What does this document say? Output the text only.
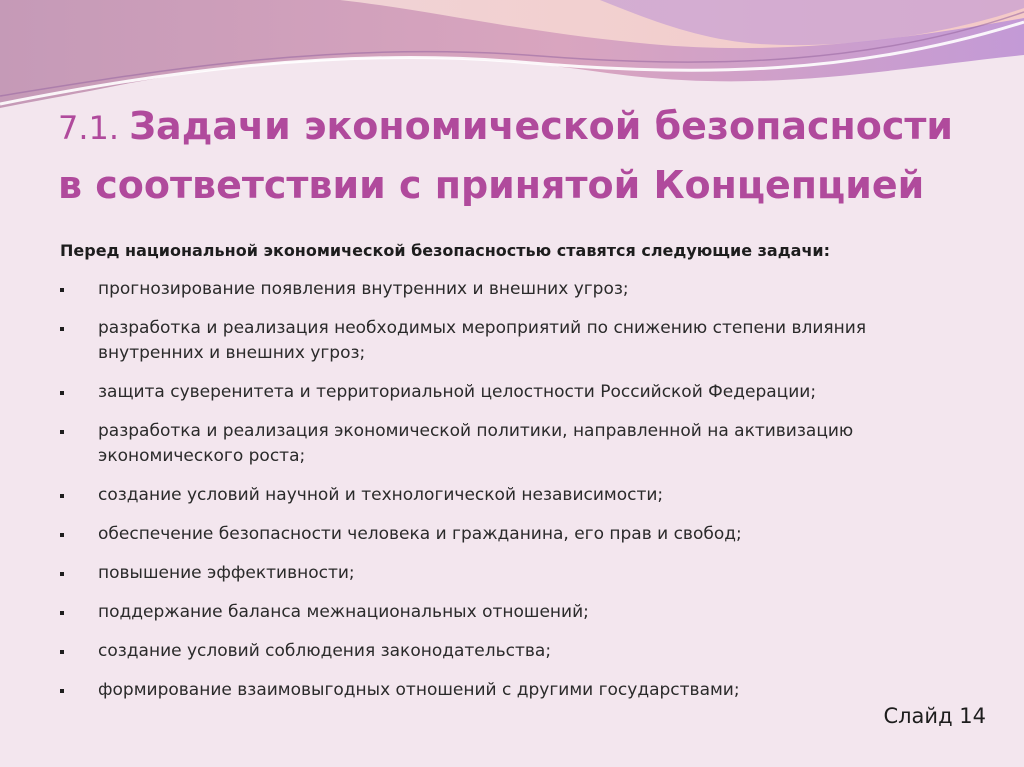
7.1. Задачи экономической безопасности в соответствии с принятой Концепцией

Перед национальной экономической безопасностью ставятся следующие задачи:

прогнозирование появления внутренних и внешних угроз;
разработка и реализация необходимых мероприятий по снижению степени влияния внутренних и внешних угроз;
защита суверенитета и территориальной целостности Российской Федерации;
разработка и реализация экономической политики, направленной на активизацию экономического роста;
создание условий научной и технологической независимости;
обеспечение безопасности человека и гражданина, его прав и свобод;
повышение эффективности;
поддержание баланса межнациональных отношений;
создание условий соблюдения законодательства;
формирование взаимовыгодных отношений с другими государствами;

Слайд 14
